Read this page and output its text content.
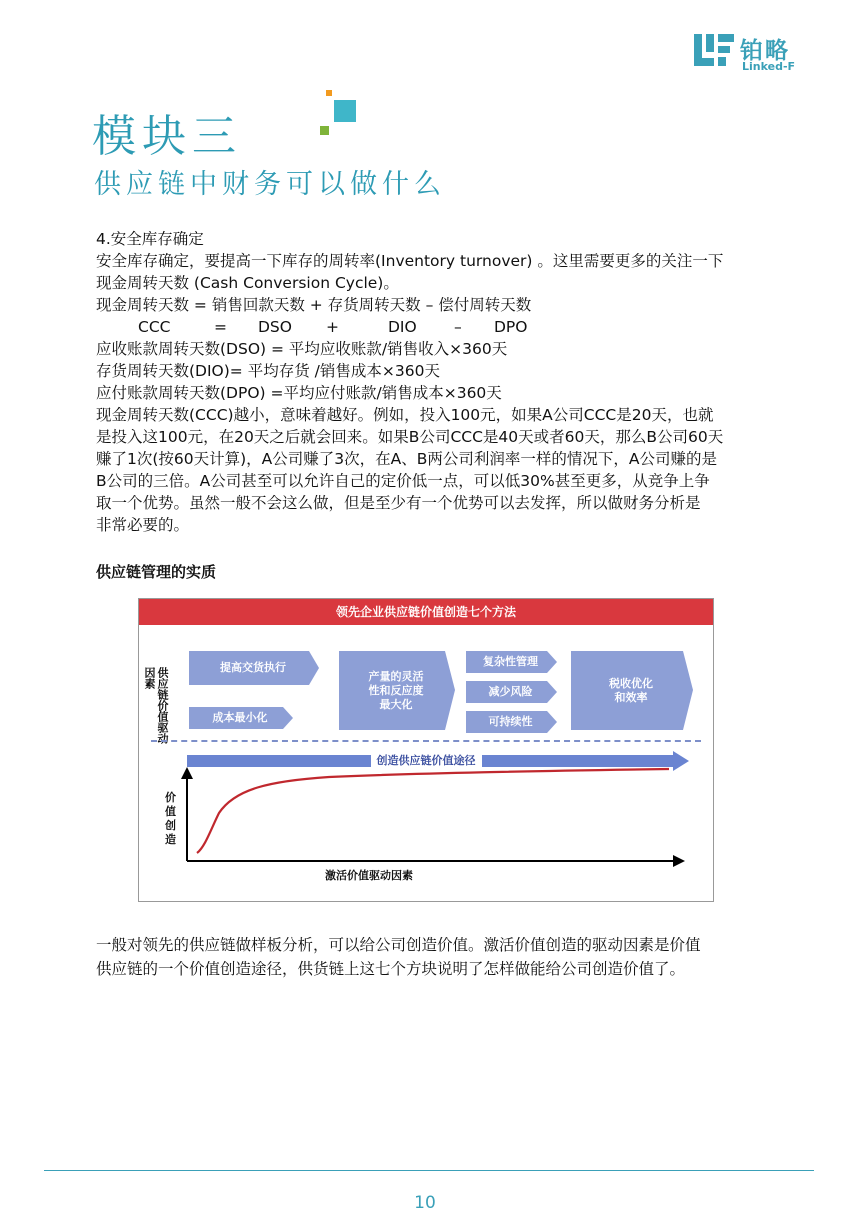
铂略
Linked-F
模块三
供应链中财务可以做什么

4.安全库存确定

安全库存确定，要提高一下库存的周转率(Inventory turnover) 。这里需要更多的关注一下

现金周转天数 (Cash Conversion Cycle)。

现金周转天数 = 销售回款天数 + 存货周转天数 – 偿付周转天数

CCC	= DSO +	DIO – DPO

应收账款周转天数(DSO) = 平均应收账款/销售收入×360天

存货周转天数(DIO)= 平均存货 /销售成本×360天

应付账款周转天数(DPO) =平均应付账款/销售成本×360天

现金周转天数(CCC)越小，意味着越好。例如，投入100元，如果A公司CCC是20天，也就

是投入这100元，在20天之后就会回来。如果B公司CCC是40天或者60天，那么B公司60天

赚了1次(按60天计算)，A公司赚了3次，在A、B两公司利润率一样的情况下，A公司赚的是

B公司的三倍。A公司甚至可以允许自己的定价低一点，可以低30%甚至更多，从竞争上争

取一个优势。虽然一般不会这么做，但是至少有一个优势可以去发挥，所以做财务分析是

非常必要的。

供应链管理的实质
领先企业供应链价值创造七个方法
供应链价值驱动因素	提高交货执行
成本最小化
产量的灵活
性和反应度
最大化
复杂性管理
减少风险
可持续性
税收优化
和效率
创造供应链价值途径
价值创造
激活价值驱动因素

一般对领先的供应链做样板分析，可以给公司创造价值。激活价值创造的驱动因素是价值

供应链的一个价值创造途径，供货链上这七个方块说明了怎样做能给公司创造价值了。

10
